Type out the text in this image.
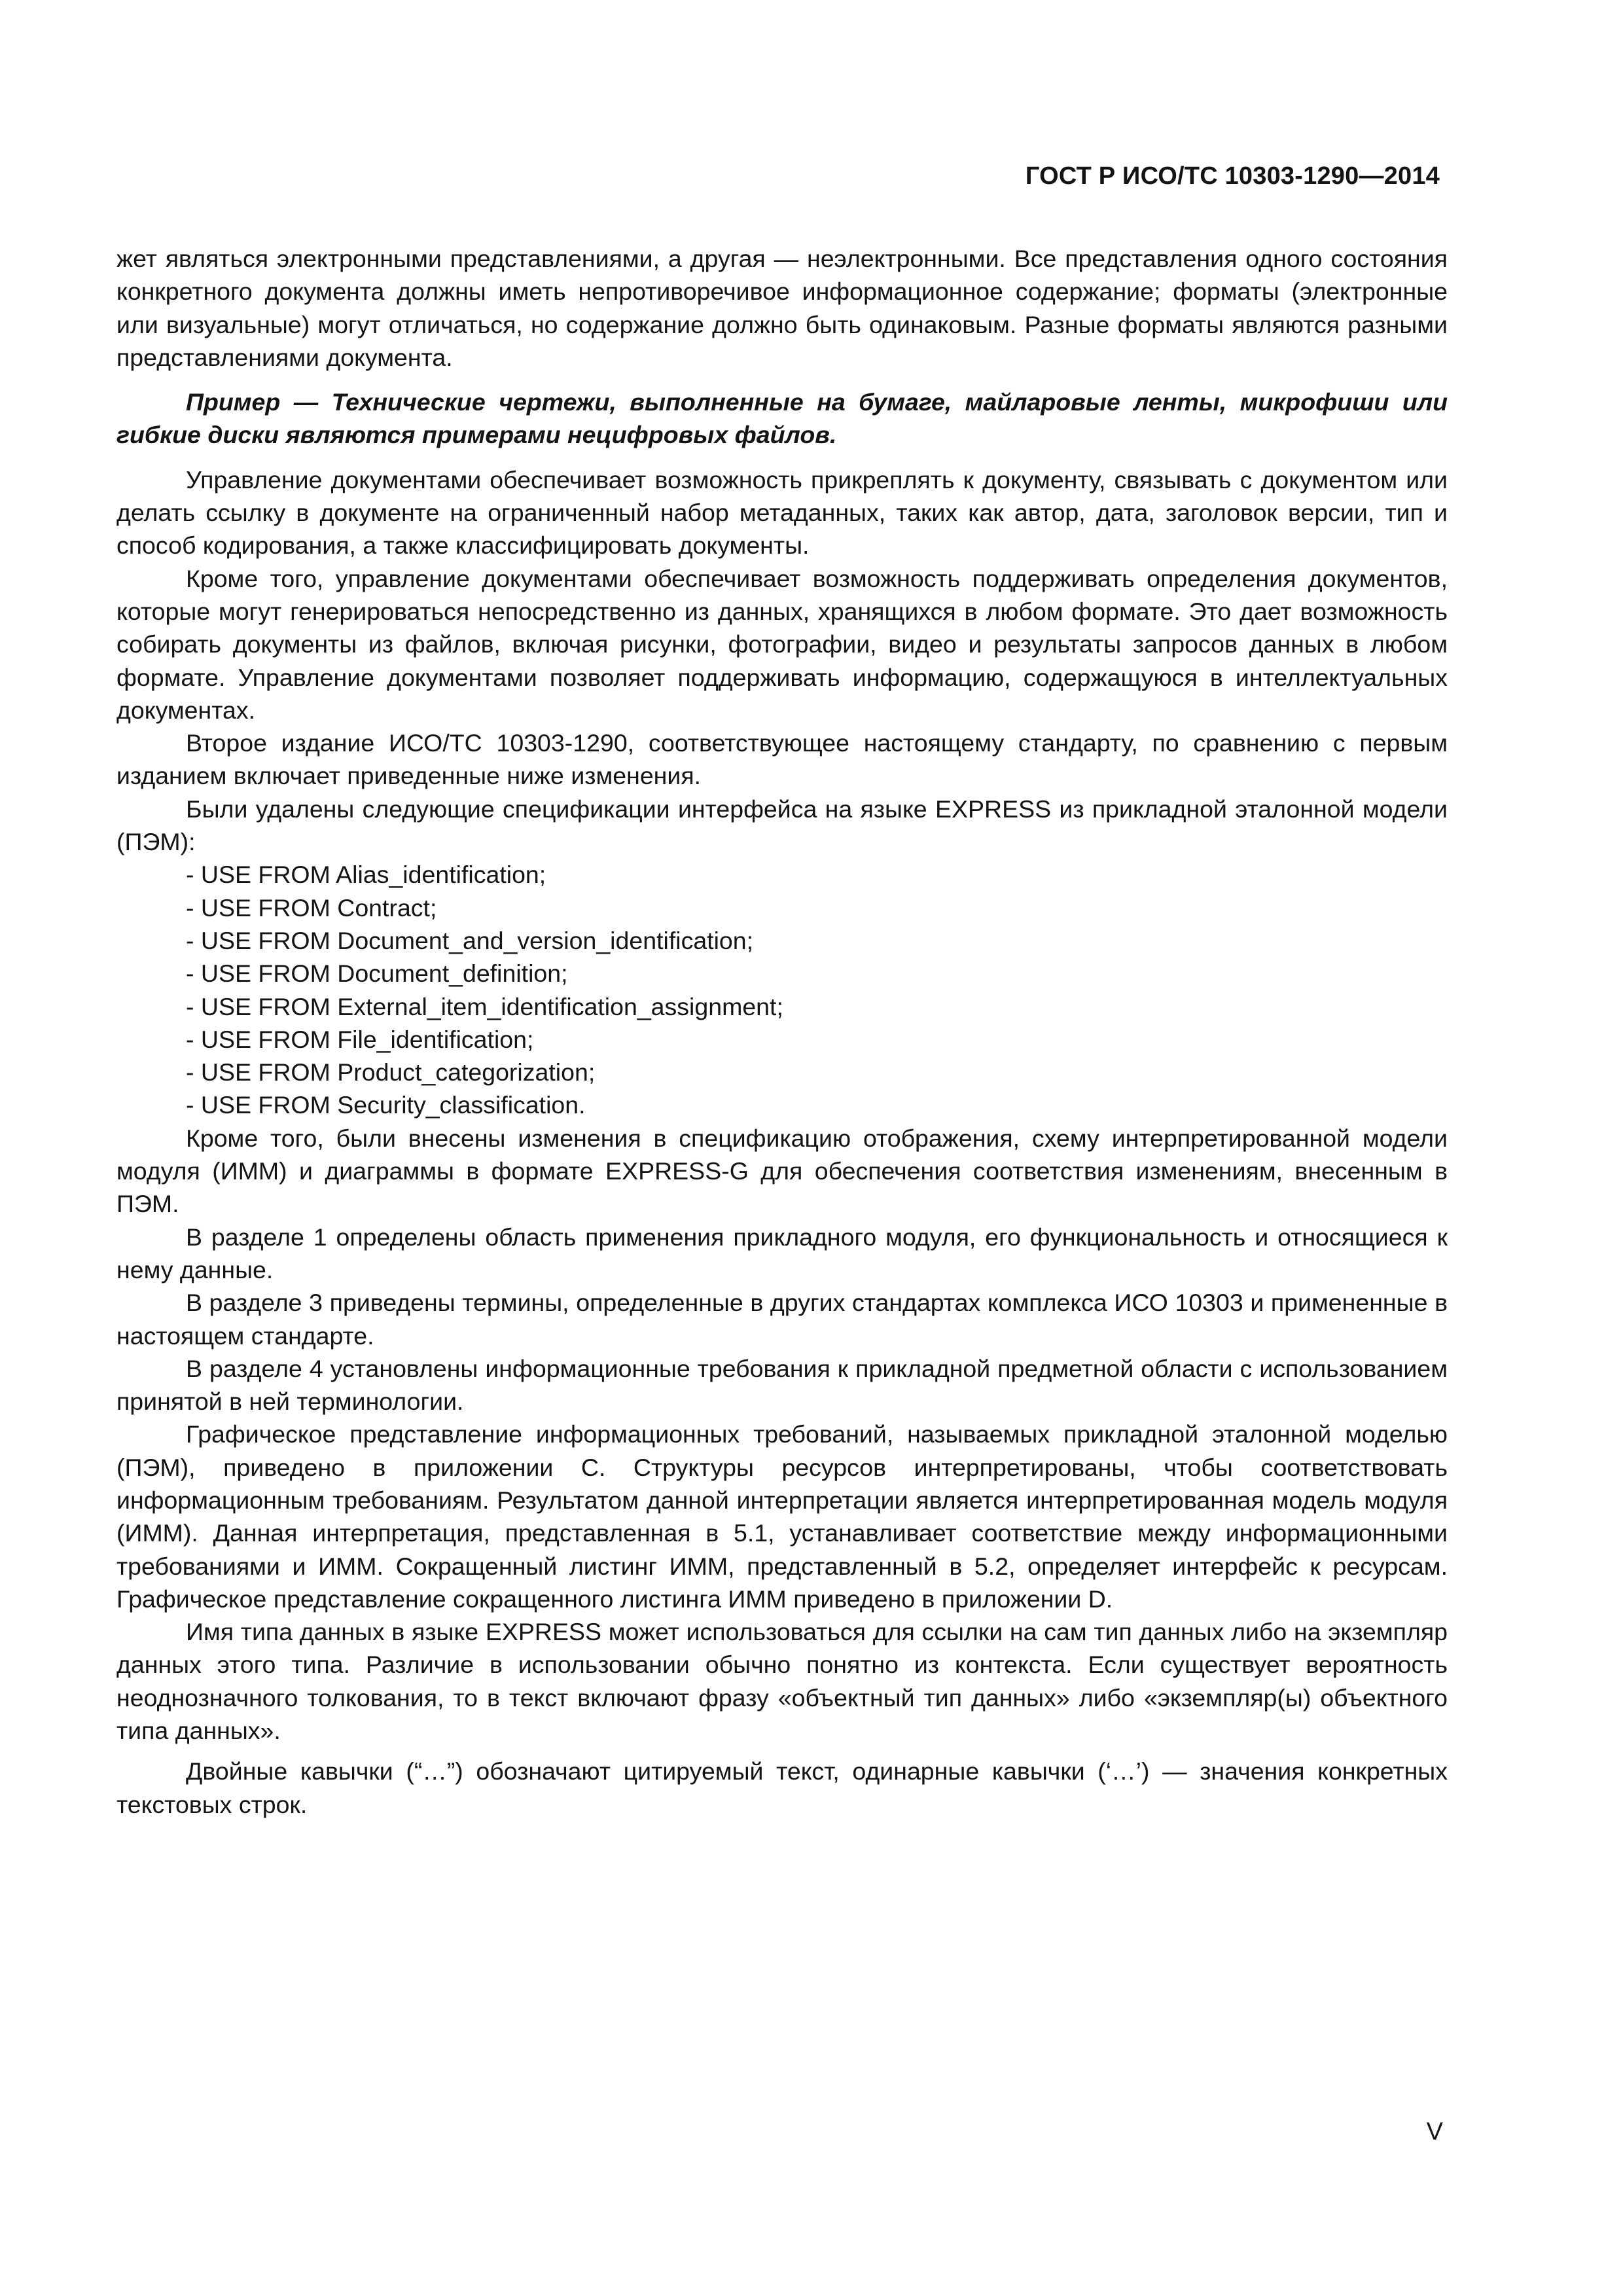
ГОСТ Р ИСО/ТС 10303-1290—2014

жет являться электронными представлениями, а другая — неэлектронными. Все представления одного состояния конкретного документа должны иметь непротиворечивое информационное содержание; форматы (электронные или визуальные) могут отличаться, но содержание должно быть одинаковым. Разные форматы являются разными представлениями документа.

Пример — Технические чертежи, выполненные на бумаге, майларовые ленты, микрофиши или гибкие диски являются примерами нецифровых файлов.

Управление документами обеспечивает возможность прикреплять к документу, связывать с документом или делать ссылку в документе на ограниченный набор метаданных, таких как автор, дата, заголовок версии, тип и способ кодирования, а также классифицировать документы.

Кроме того, управление документами обеспечивает возможность поддерживать определения документов, которые могут генерироваться непосредственно из данных, хранящихся в любом формате. Это дает возможность собирать документы из файлов, включая рисунки, фотографии, видео и результаты запросов данных в любом формате. Управление документами позволяет поддерживать информацию, содержащуюся в интеллектуальных документах.

Второе издание ИСО/ТС 10303-1290, соответствующее настоящему стандарту, по сравнению с первым изданием включает приведенные ниже изменения.

Были удалены следующие спецификации интерфейса на языке EXPRESS из прикладной эталонной модели (ПЭМ):

- USE FROM Alias_identification;
- USE FROM Contract;
- USE FROM Document_and_version_identification;
- USE FROM Document_definition;
- USE FROM External_item_identification_assignment;
- USE FROM File_identification;
- USE FROM Product_categorization;
- USE FROM Security_classification.

Кроме того, были внесены изменения в спецификацию отображения, схему интерпретированной модели модуля (ИММ) и диаграммы в формате EXPRESS-G для обеспечения соответствия изменениям, внесенным в ПЭМ.

В разделе 1 определены область применения прикладного модуля, его функциональность и относящиеся к нему данные.

В разделе 3 приведены термины, определенные в других стандартах комплекса ИСО 10303 и примененные в настоящем стандарте.

В разделе 4 установлены информационные требования к прикладной предметной области с использованием принятой в ней терминологии.

Графическое представление информационных требований, называемых прикладной эталонной моделью (ПЭМ), приведено в приложении С. Структуры ресурсов интерпретированы, чтобы соответствовать информационным требованиям. Результатом данной интерпретации является интерпретированная модель модуля (ИММ). Данная интерпретация, представленная в 5.1, устанавливает соответствие между информационными требованиями и ИММ. Сокращенный листинг ИММ, представленный в 5.2, определяет интерфейс к ресурсам. Графическое представление сокращенного листинга ИММ приведено в приложении D.

Имя типа данных в языке EXPRESS может использоваться для ссылки на сам тип данных либо на экземпляр данных этого типа. Различие в использовании обычно понятно из контекста. Если существует вероятность неоднозначного толкования, то в текст включают фразу «объектный тип данных» либо «экземпляр(ы) объектного типа данных».

Двойные кавычки (“…”) обозначают цитируемый текст, одинарные кавычки (‘…’) — значения конкретных текстовых строк.

V
